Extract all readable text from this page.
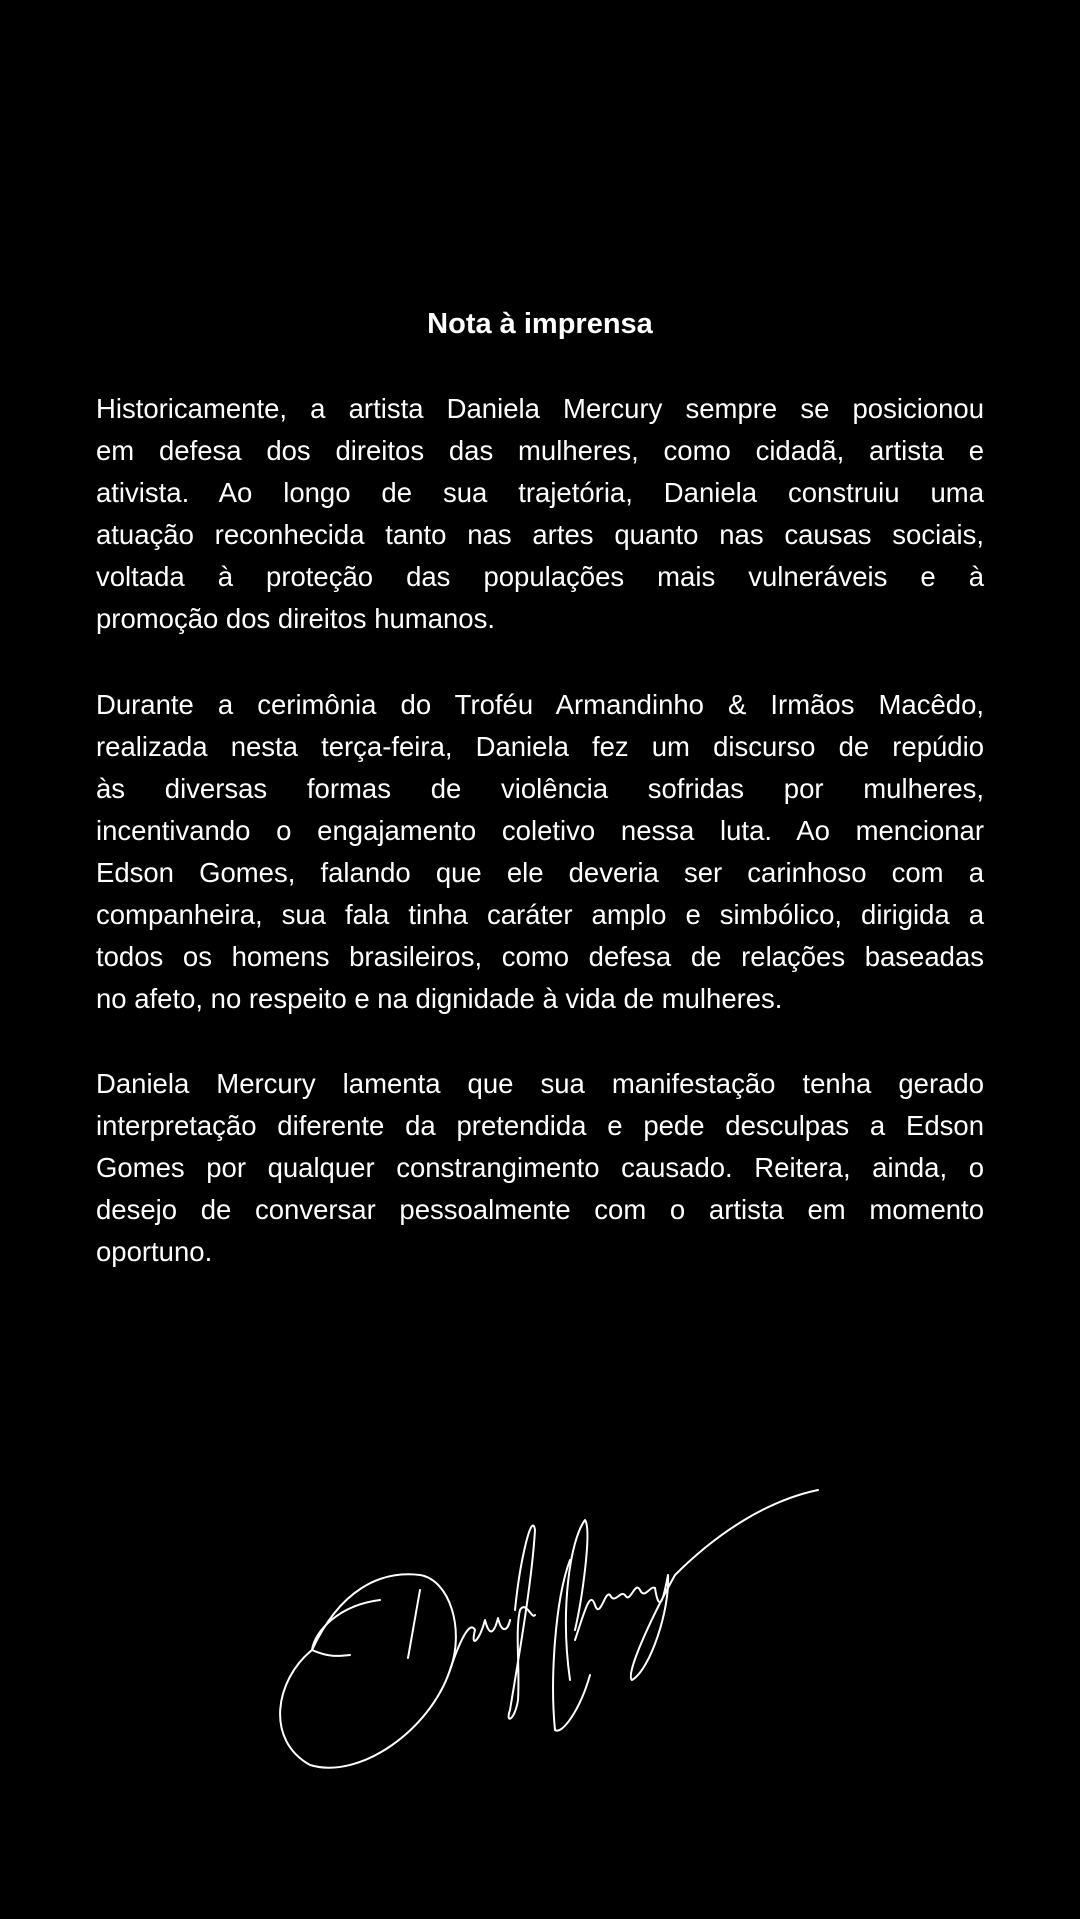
Nota à imprensa
Historicamente, a artista Daniela Mercury sempre se posicionou
em defesa dos direitos das mulheres, como cidadã, artista e
ativista. Ao longo de sua trajetória, Daniela construiu uma
atuação reconhecida tanto nas artes quanto nas causas sociais,
voltada à proteção das populações mais vulneráveis e à
promoção dos direitos humanos.
Durante a cerimônia do Troféu Armandinho & Irmãos Macêdo,
realizada nesta terça-feira, Daniela fez um discurso de repúdio
às diversas formas de violência sofridas por mulheres,
incentivando o engajamento coletivo nessa luta. Ao mencionar
Edson Gomes, falando que ele deveria ser carinhoso com a
companheira, sua fala tinha caráter amplo e simbólico, dirigida a
todos os homens brasileiros, como defesa de relações baseadas
no afeto, no respeito e na dignidade à vida de mulheres.
Daniela Mercury lamenta que sua manifestação tenha gerado
interpretação diferente da pretendida e pede desculpas a Edson
Gomes por qualquer constrangimento causado. Reitera, ainda, o
desejo de conversar pessoalmente com o artista em momento
oportuno.
